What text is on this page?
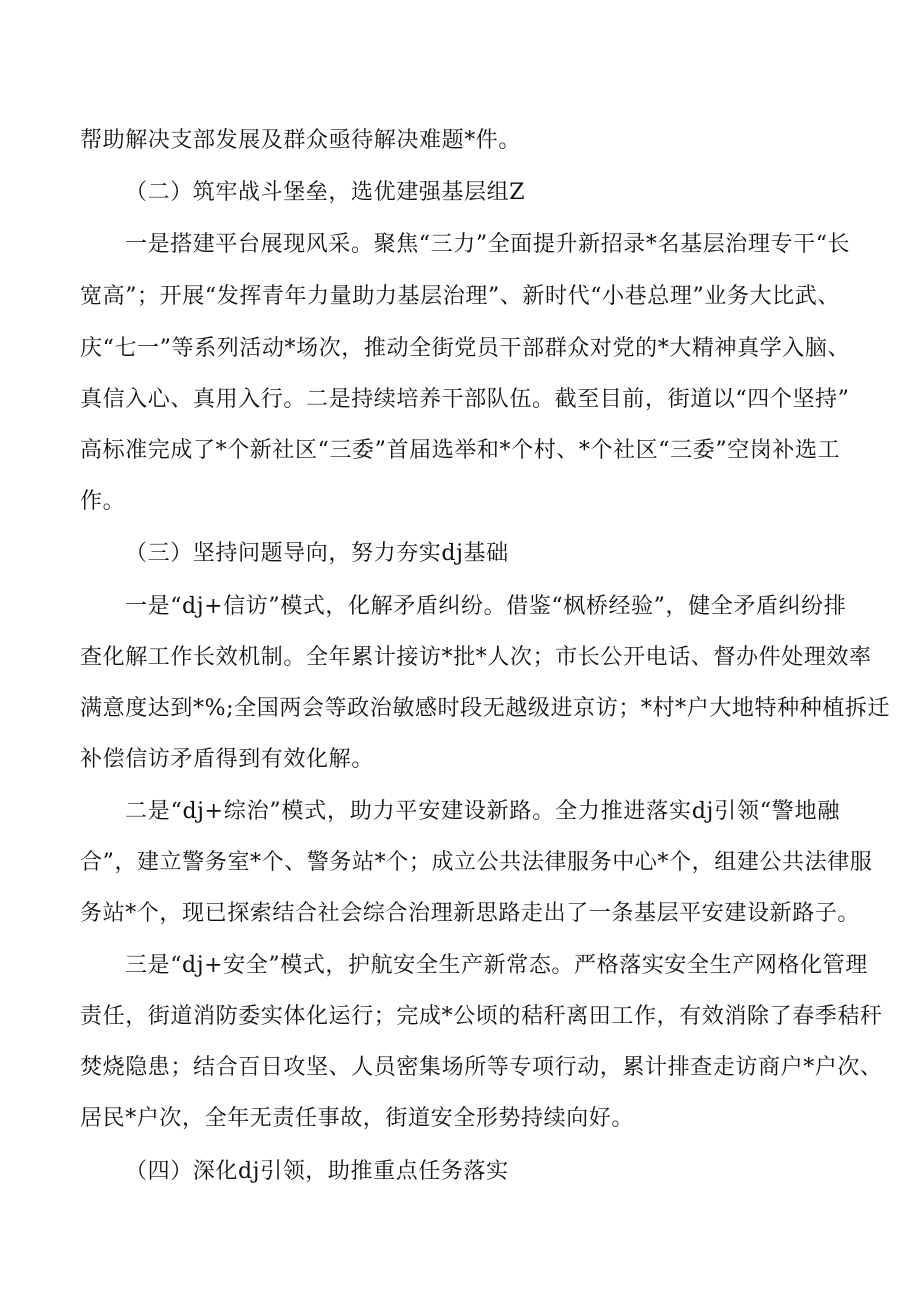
帮助解决支部发展及群众亟待解决难题*件。
（二）筑牢战斗堡垒，选优建强基层组Z
一是搭建平台展现风采。聚焦“三力”全面提升新招录*名基层治理专干“长
宽高”；开展“发挥青年力量助力基层治理”、新时代“小巷总理”业务大比武、
庆“七一”等系列活动*场次，推动全街党员干部群众对党的*大精神真学入脑、
真信入心、真用入行。二是持续培养干部队伍。截至目前，街道以“四个坚持”
高标准完成了*个新社区“三委”首届选举和*个村、*个社区“三委”空岗补选工
作。
（三）坚持问题导向，努力夯实dj基础
一是“dj+信访”模式，化解矛盾纠纷。借鉴“枫桥经验”，健全矛盾纠纷排
查化解工作长效机制。全年累计接访*批*人次；市长公开电话、督办件处理效率
满意度达到*%;全国两会等政治敏感时段无越级进京访；*村*户大地特种种植拆迁
补偿信访矛盾得到有效化解。
二是“dj+综治”模式，助力平安建设新路。全力推进落实dj引领“警地融
合”，建立警务室*个、警务站*个；成立公共法律服务中心*个，组建公共法律服
务站*个，现已探索结合社会综合治理新思路走出了一条基层平安建设新路子。
三是“dj+安全”模式，护航安全生产新常态。严格落实安全生产网格化管理
责任，街道消防委实体化运行；完成*公顷的秸秆离田工作，有效消除了春季秸秆
焚烧隐患；结合百日攻坚、人员密集场所等专项行动，累计排查走访商户*户次、
居民*户次，全年无责任事故，街道安全形势持续向好。
（四）深化dj引领，助推重点任务落实
